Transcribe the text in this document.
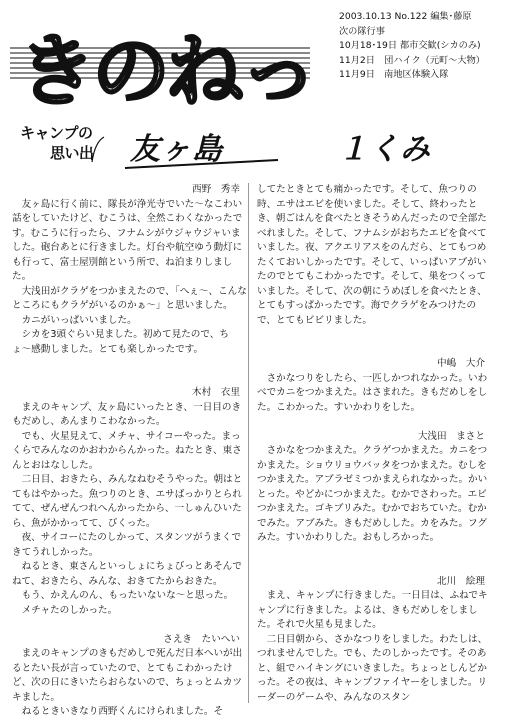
きのねっ
2003.10.13 No.122 編集･藤原
次の隊行事
10月18･19日 都市交歓(シカのみ)
11月2日　団ハイク（元町〜大物）
11月9日　南地区体験入隊
キャンプの
思い出 友ヶ島	１くみ
西野　秀幸

友ヶ島に行く前に、隊長が浄光寺でいた〜なこわい話をしていたけど、むこうは、全然こわくなかったです。むこうに行ったら、フナムシがウジャウジャいました。砲台あとに行きました。灯台や航空ゆう動灯にも行って、富士屋別館という所で、ね泊まりしました。

大浅田がクラゲをつかまえたので、「へぇ〜、こんなところにもクラゲがいるのかぁ〜」と思いました。

カニがいっぱいいました。

シカを3頭ぐらい見ました。初めて見たので、ちょ〜感動しました。とても楽しかったです。

木村　衣里

まえのキャンプ、友ヶ島にいったとき、一日目のきもだめし、あんまりこわなかった。

でも、火星見えて、メチャ、サイコーやった。まっくらでみんなのかおわからんかった。ねたとき、東さんとおはなしした。

二日目、おきたら、みんなねむそうやった。朝はとてもはやかった。魚つりのとき、エサばっかりとられてて、ぜんぜんつれへんかったから、一しゅんひいたら、魚がかかってて、びくった。

夜、サイコーにたのしかって、スタンツがうまくできてうれしかった。

ねるとき、東さんといっしょにちょびっとあそんでねて、おきたら、みんな、おきてたからおきた。

もう、かえんのん、もったいないな〜と思った。

メチャたのしかった。

さえき　たいへい

まえのキャンプのきもだめしで死んだ日本へいが出るとたい長が言っていたので、とてもこわかったけど、次の日にきいたらおらないので、ちょっとムカツキました。

ねるときいきなり西野くんにけられました。そ

してたときとても痛かったです。そして、魚つりの時、エサはエビを使いました。そして、終わったとき、朝ごはんを食べたときそうめんだったので全部たべれました。そして、フナムシがおちたエビを食べていました。夜、アクエリアスをのんだら、とてもつめたくておいしかったです。そして、いっぱいアブがいたのでとてもこわかったです。そして、巣をつくっていました。そして、次の朝にうめぼしを食べたとき、とてもすっぱかったです。海でクラゲをみつけたので、とてもビビリました。

中嶋　大介

さかなつりをしたら、一匹しかつれなかった。いわべでカニをつかまえた。はさまれた。きもだめしをした。こわかった。すいかわりをした。

大浅田　まさと

さかなをつかまえた。クラゲつかまえた。カニをつかまえた。ショウリョウバッタをつかまえた。むしをつかまえた。アブラゼミつかまえられなかった。かいとった。やどかにつかまえた。むかでさわった。エビつかまえた。ゴキブリみた。むかでおちていた。むかでみた。アブみた。きもだめしした。カをみた。フグみた。すいかわりした。おもしろかった。

北川　絵理

まえ、キャンプに行きました。一日目は、ふねでキャンプに行きました。よるは、きもだめしをしました。それで火星も見ました。

二日目朝から、さかなつりをしました。わたしは、つれませんでした。でも、たのしかったです。そのあと、組でハイキングにいきました。ちょっとしんどかった。その夜は、キャンプファイヤーをしました。リーダーのゲームや、みんなのスタン
